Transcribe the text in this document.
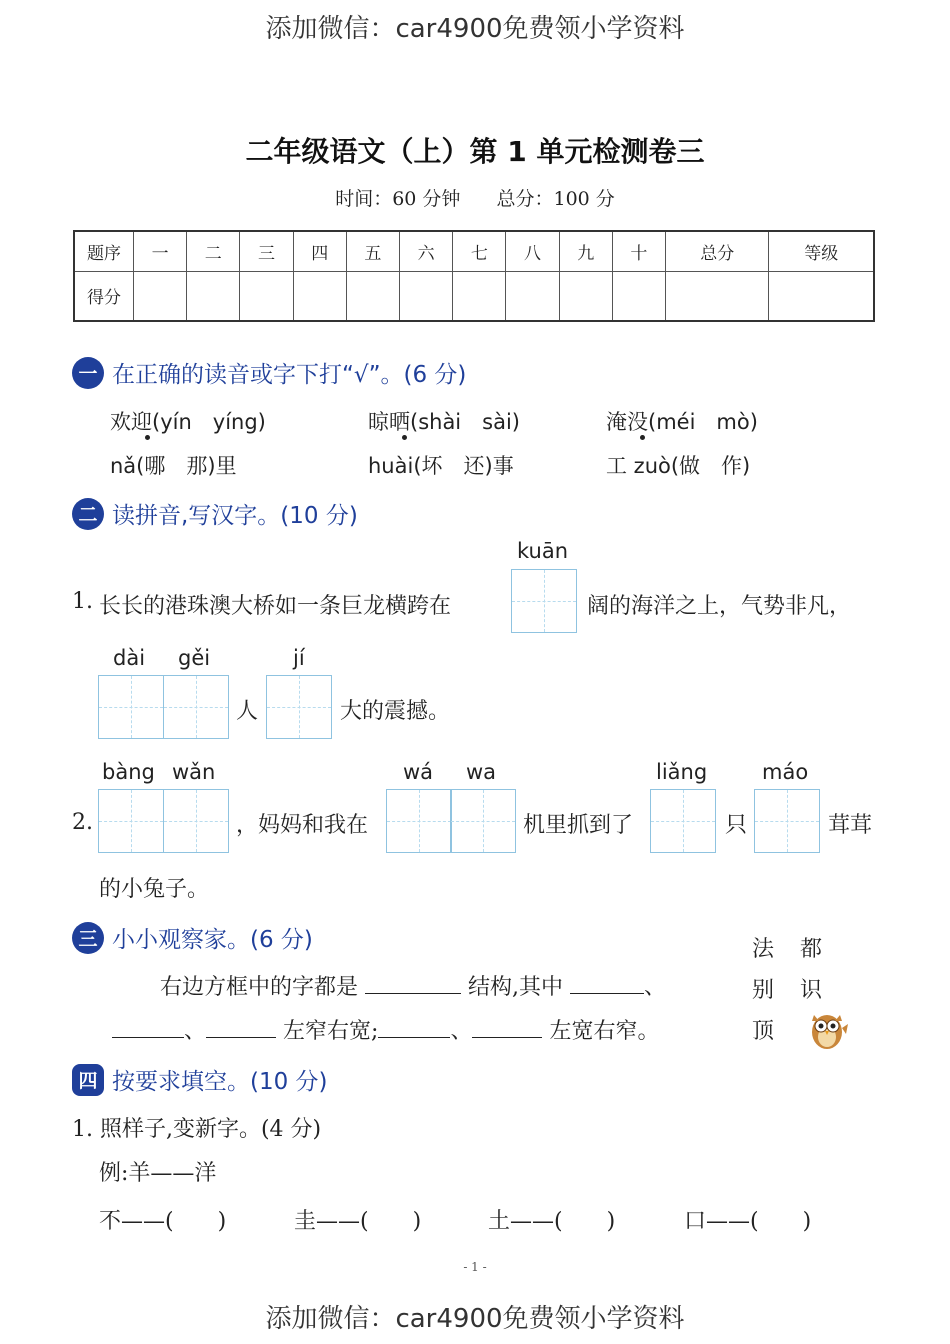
添加微信：car4900免费领小学资料
二年级语文（上）第 1 单元检测卷三
时间：60 分钟 总分：100 分
题序	一	二	三	四	五	六	七	八	九	十	总分	等级
得分												
一 在正确的读音或字下打“√”。(6 分)
欢迎(yín　yíng)	晾晒(shài　sài)	淹没(méi　mò)
nǎ(哪　那)里	huài(坏　还)事	工 zuò(做　作)
二 读拼音,写汉字。(10 分)
kuān
1. 长长的港珠澳大桥如一条巨龙横跨在	阔的海洋之上，气势非凡，
dài gěi
人
jí
大的震撼。
bàng wǎn
2.	，妈妈和我在
wá wa
机里抓到了
liǎng
只
máo
茸茸
的小兔子。
三 小小观察家。(6 分)
右边方框中的字都是	结构,其中	、
、	左窄右宽;	、	左宽右窄。
法 都
别 识
顶
四 按要求填空。(10 分)
1. 照样子,变新字。(4 分)
例:羊——洋
不——(　　)	圭——(　　)	土——(　　)	口——(　　)
- 1 -
添加微信：car4900免费领小学资料
